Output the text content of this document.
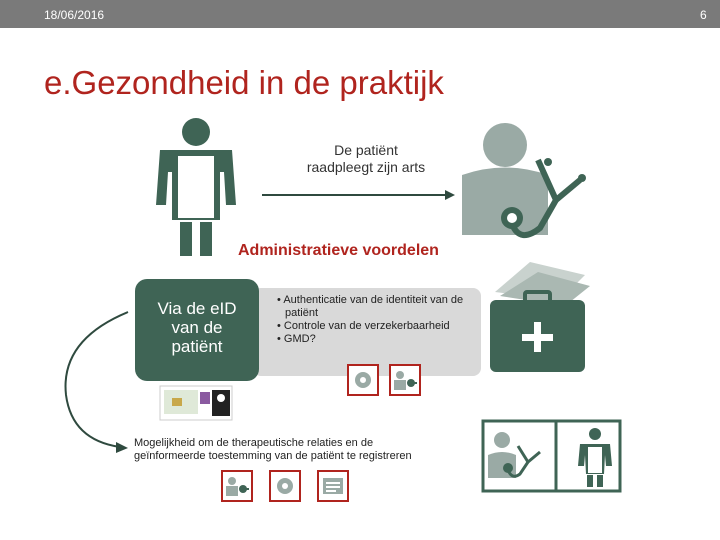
18/06/2016	6
e.Gezondheid in de praktijk
De patiënt
raadpleegt zijn arts
Administratieve voordelen
• Authenticatie van de identiteit van de patiënt
• Controle van de verzekerbaarheid
• GMD?
Via de eID
van de
patiënt
Mogelijkheid om de therapeutische relaties en de
geïnformeerde toestemming van de patiënt te registreren
